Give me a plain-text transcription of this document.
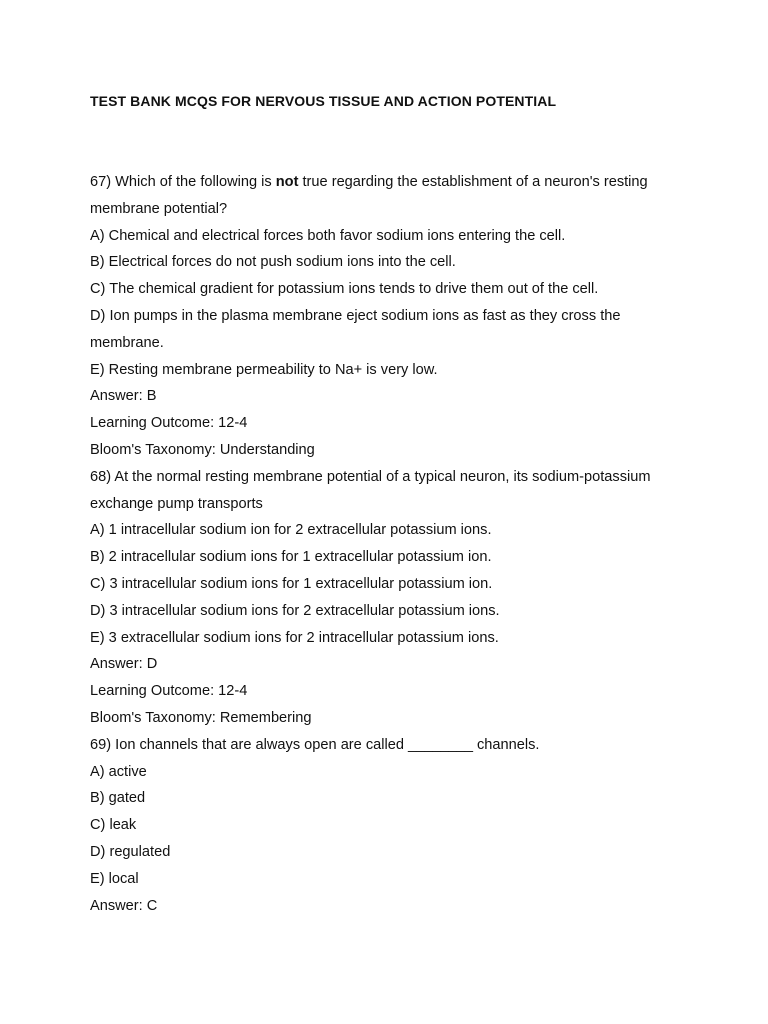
TEST BANK MCQS FOR NERVOUS TISSUE AND ACTION POTENTIAL
67) Which of the following is not true regarding the establishment of a neuron's resting
membrane potential?
A) Chemical and electrical forces both favor sodium ions entering the cell.
B) Electrical forces do not push sodium ions into the cell.
C) The chemical gradient for potassium ions tends to drive them out of the cell.
D) Ion pumps in the plasma membrane eject sodium ions as fast as they cross the
membrane.
E) Resting membrane permeability to Na+ is very low.
Answer: B
Learning Outcome: 12-4
Bloom's Taxonomy: Understanding
68) At the normal resting membrane potential of a typical neuron, its sodium-potassium
exchange pump transports
A) 1 intracellular sodium ion for 2 extracellular potassium ions.
B) 2 intracellular sodium ions for 1 extracellular potassium ion.
C) 3 intracellular sodium ions for 1 extracellular potassium ion.
D) 3 intracellular sodium ions for 2 extracellular potassium ions.
E) 3 extracellular sodium ions for 2 intracellular potassium ions.
Answer: D
Learning Outcome: 12-4
Bloom's Taxonomy: Remembering
69) Ion channels that are always open are called ________ channels.
A) active
B) gated
C) leak
D) regulated
E) local
Answer: C
